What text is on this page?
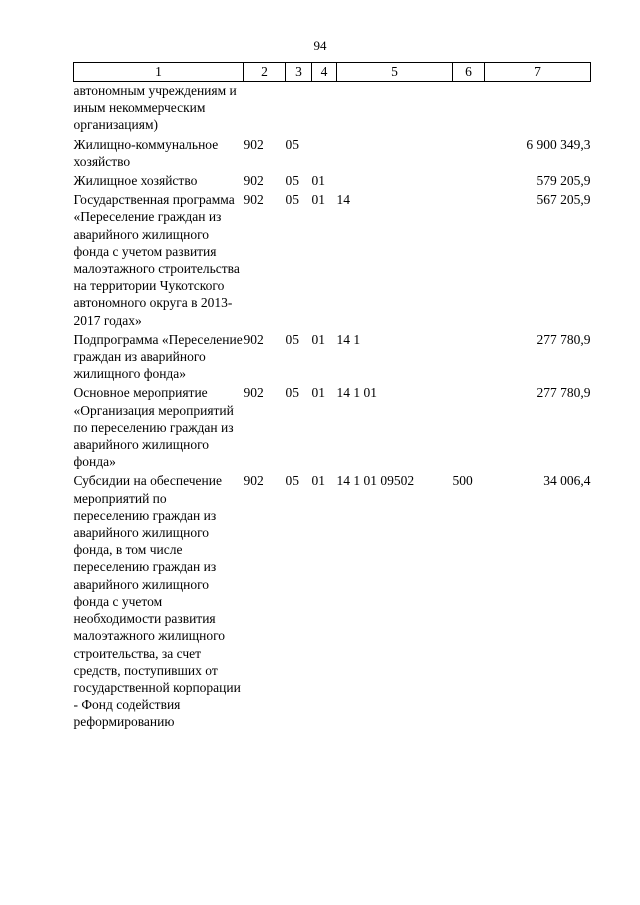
94
1	2	3	4	5	6	7
автономным учреждениям и иным некоммерческим организациям)						
Жилищно-коммунальное хозяйство	902	05				6 900 349,3
Жилищное хозяйство	902	05	01			579 205,9
Государственная программа «Переселение граждан из аварийного жилищного фонда с учетом развития малоэтажного строительства на территории Чукотского автономного округа в 2013-2017 годах»	902	05	01	14		567 205,9
Подпрограмма «Переселение граждан из аварийного жилищного фонда»	902	05	01	14 1		277 780,9
Основное мероприятие «Организация мероприятий по переселению граждан из аварийного жилищного фонда»	902	05	01	14 1 01		277 780,9
Субсидии на обеспечение мероприятий по переселению граждан из аварийного жилищного фонда, в том числе переселению граждан из аварийного жилищного фонда с учетом необходимости развития малоэтажного жилищного строительства, за счет средств, поступивших от государственной корпорации - Фонд содействия реформированию	902	05	01	14 1 01 09502	500	34 006,4
